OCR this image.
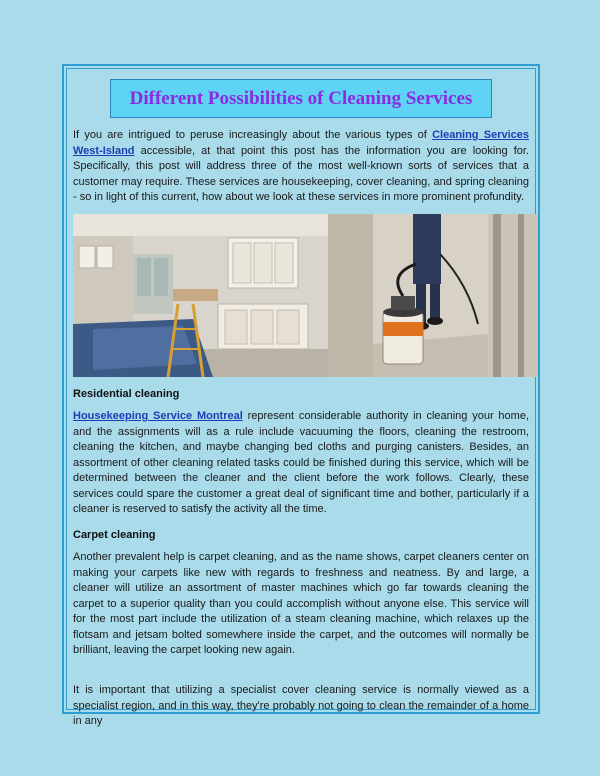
Different Possibilities of Cleaning Services

If you are intrigued to peruse increasingly about the various types of Cleaning Services West-Island accessible, at that point this post has the information you are looking for. Specifically, this post will address three of the most well-known sorts of services that a customer may require. These services are housekeeping, cover cleaning, and spring cleaning - so in light of this current, how about we look at these services in more prominent profundity.

Residential cleaning

Housekeeping Service Montreal represent considerable authority in cleaning your home, and the assignments will as a rule include vacuuming the floors, cleaning the restroom, cleaning the kitchen, and maybe changing bed cloths and purging canisters. Besides, an assortment of other cleaning related tasks could be finished during this service, which will be determined between the cleaner and the client before the work follows. Clearly, these services could spare the customer a great deal of significant time and bother, particularly if a cleaner is reserved to satisfy the activity all the time.

Carpet cleaning

Another prevalent help is carpet cleaning, and as the name shows, carpet cleaners center on making your carpets like new with regards to freshness and neatness. By and large, a cleaner will utilize an assortment of master machines which go far towards cleaning the carpet to a superior quality than you could accomplish without anyone else. This service will for the most part include the utilization of a steam cleaning machine, which relaxes up the flotsam and jetsam bolted somewhere inside the carpet, and the outcomes will normally be brilliant, leaving the carpet looking new again.

It is important that utilizing a specialist cover cleaning service is normally viewed as a specialist region, and in this way, they're probably not going to clean the remainder of a home in any
